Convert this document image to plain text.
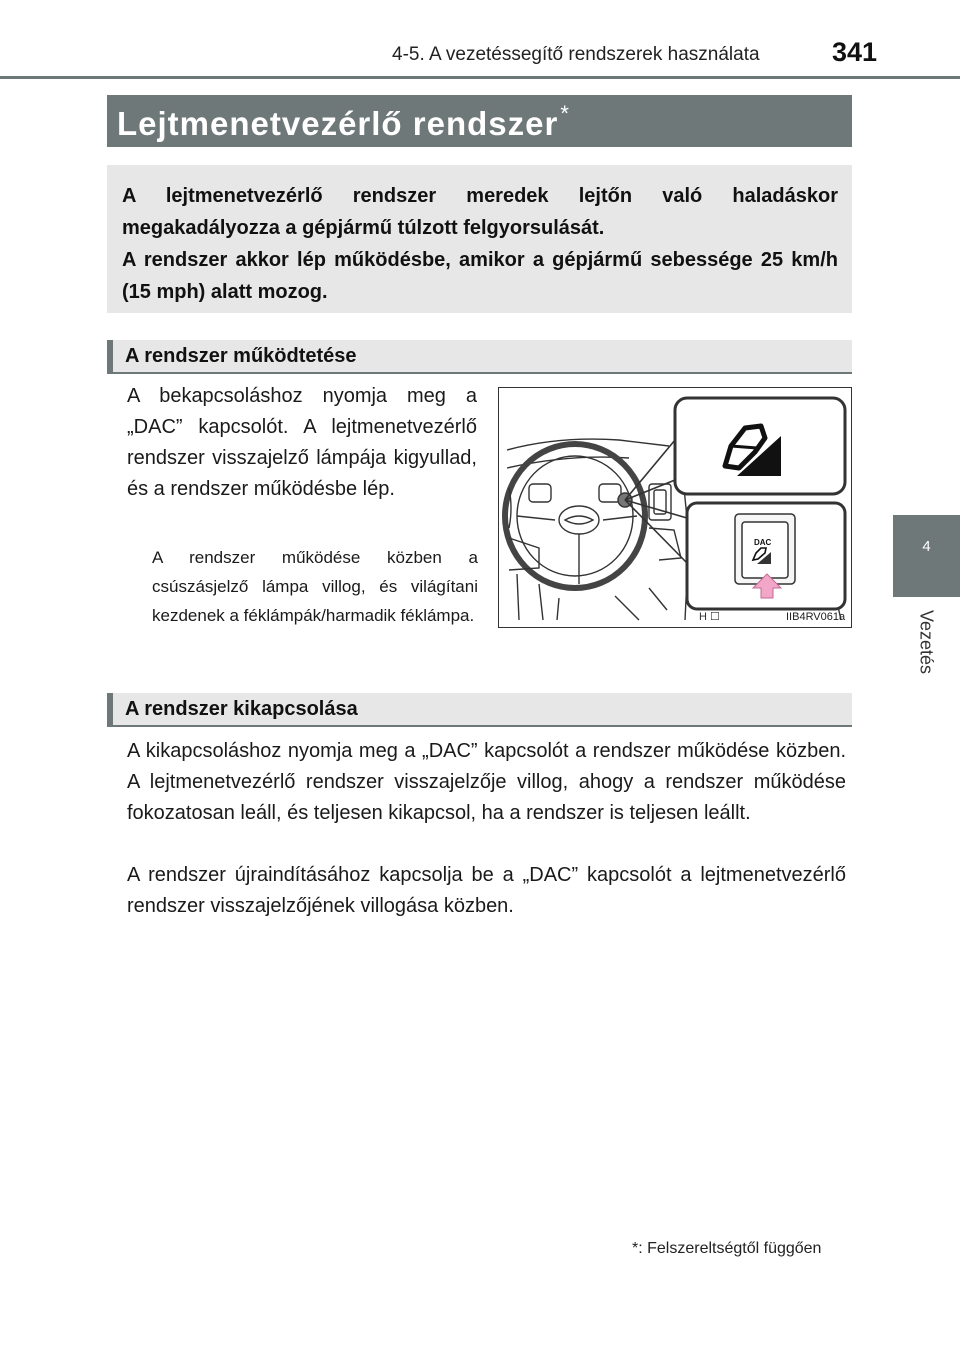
4-5. A vezetéssegítő rendszerek használata	341
4
Vezetés
Lejtmenetvezérlő rendszer*

A lejtmenetvezérlő rendszer meredek lejtőn való haladáskor megakadályozza a gépjármű túlzott felgyorsulását.

A rendszer akkor lép működésbe, amikor a gépjármű sebessége 25 km/h (15 mph) alatt mozog.

A rendszer működtetése
A bekapcsoláshoz nyomja meg a „DAC” kapcsolót. A lejtmenetvezérlő rendszer visszajelző lámpája kigyullad, és a rendszer működésbe lép.
A rendszer működése közben a csúszásjelző lámpa villog, és világítani kezdenek a féklámpák/harmadik féklámpa.
DAC
H ☐	IIB4RV061a
A rendszer kikapcsolása
A kikapcsoláshoz nyomja meg a „DAC” kapcsolót a rendszer működése közben. A lejtmenetvezérlő rendszer visszajelzője villog, ahogy a rendszer működése fokozatosan leáll, és teljesen kikapcsol, ha a rendszer is teljesen leállt.
A rendszer újraindításához kapcsolja be a „DAC” kapcsolót a lejtmenetvezérlő rendszer visszajelzőjének villogása közben.
*: Felszereltségtől függően
